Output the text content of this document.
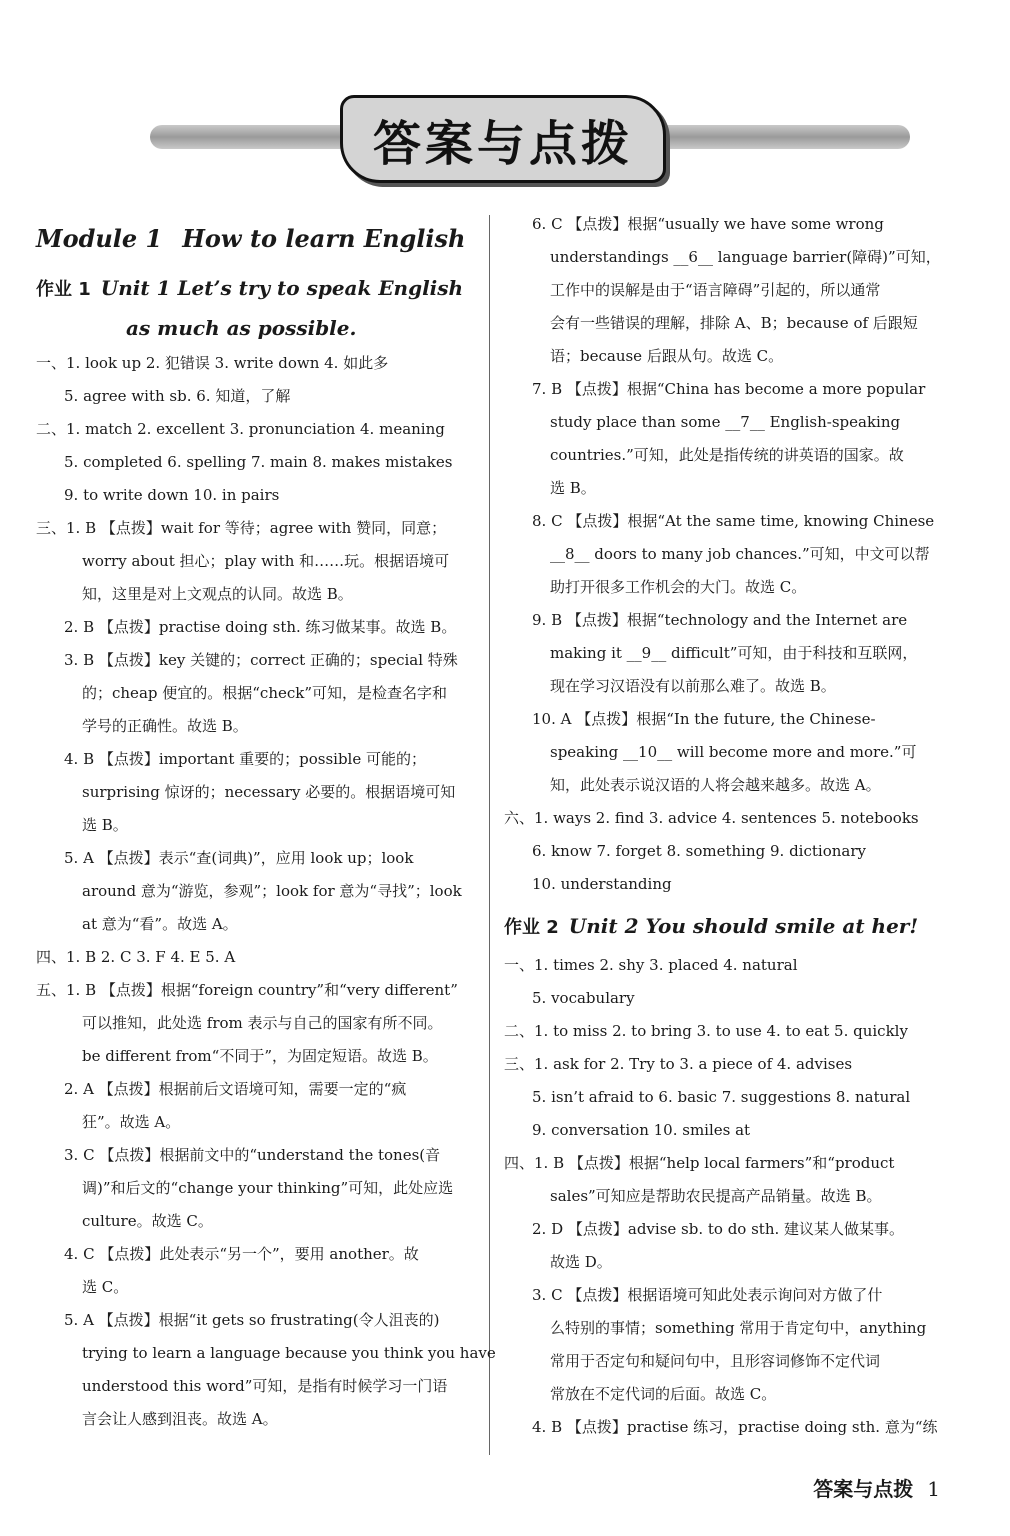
答案与点拨
Module 1 How to learn English
作业 1 Unit 1 Let’s try to speak English
as much as possible.
一、1. look up 2. 犯错误 3. write down 4. 如此多
5. agree with sb. 6. 知道，了解
二、1. match 2. excellent 3. pronunciation 4. meaning
5. completed 6. spelling 7. main 8. makes mistakes
9. to write down 10. in pairs
三、1. B 【点拨】wait for 等待；agree with 赞同，同意；
worry about 担心；play with 和……玩。根据语境可
知，这里是对上文观点的认同。故选 B。
2. B 【点拨】practise doing sth. 练习做某事。故选 B。
3. B 【点拨】key 关键的；correct 正确的；special 特殊
的；cheap 便宜的。根据“check”可知，是检查名字和
学号的正确性。故选 B。
4. B 【点拨】important 重要的；possible 可能的；
surprising 惊讶的；necessary 必要的。根据语境可知
选 B。
5. A 【点拨】表示“查(词典)”，应用 look up；look
around 意为“游览，参观”；look for 意为“寻找”；look
at 意为“看”。故选 A。
四、1. B 2. C 3. F 4. E 5. A
五、1. B 【点拨】根据“foreign country”和“very different”
可以推知，此处选 from 表示与自己的国家有所不同。
be different from“不同于”，为固定短语。故选 B。
2. A 【点拨】根据前后文语境可知，需要一定的“疯
狂”。故选 A。
3. C 【点拨】根据前文中的“understand the tones(音
调)”和后文的“change your thinking”可知，此处应选
culture。故选 C。
4. C 【点拨】此处表示“另一个”，要用 another。故
选 C。
5. A 【点拨】根据“it gets so frustrating(令人沮丧的)
trying to learn a language because you think you have
understood this word”可知，是指有时候学习一门语
言会让人感到沮丧。故选 A。
6. C 【点拨】根据“usually we have some wrong
understandings __6__ language barrier(障碍)”可知，
工作中的误解是由于“语言障碍”引起的，所以通常
会有一些错误的理解，排除 A、B；because of 后跟短
语；because 后跟从句。故选 C。
7. B 【点拨】根据“China has become a more popular
study place than some __7__ English-speaking
countries.”可知，此处是指传统的讲英语的国家。故
选 B。
8. C 【点拨】根据“At the same time, knowing Chinese
__8__ doors to many job chances.”可知，中文可以帮
助打开很多工作机会的大门。故选 C。
9. B 【点拨】根据“technology and the Internet are
making it __9__ difficult”可知，由于科技和互联网，
现在学习汉语没有以前那么难了。故选 B。
10. A 【点拨】根据“In the future, the Chinese-
speaking __10__ will become more and more.”可
知，此处表示说汉语的人将会越来越多。故选 A。
六、1. ways 2. find 3. advice 4. sentences 5. notebooks
6. know 7. forget 8. something 9. dictionary
10. understanding
作业 2 Unit 2 You should smile at her!
一、1. times 2. shy 3. placed 4. natural
5. vocabulary
二、1. to miss 2. to bring 3. to use 4. to eat 5. quickly
三、1. ask for 2. Try to 3. a piece of 4. advises
5. isn’t afraid to 6. basic 7. suggestions 8. natural
9. conversation 10. smiles at
四、1. B 【点拨】根据“help local farmers”和“product
sales”可知应是帮助农民提高产品销量。故选 B。
2. D 【点拨】advise sb. to do sth. 建议某人做某事。
故选 D。
3. C 【点拨】根据语境可知此处表示询问对方做了什
么特别的事情；something 常用于肯定句中，anything
常用于否定句和疑问句中，且形容词修饰不定代词
常放在不定代词的后面。故选 C。
4. B 【点拨】practise 练习，practise doing sth. 意为“练
答案与点拨 1
